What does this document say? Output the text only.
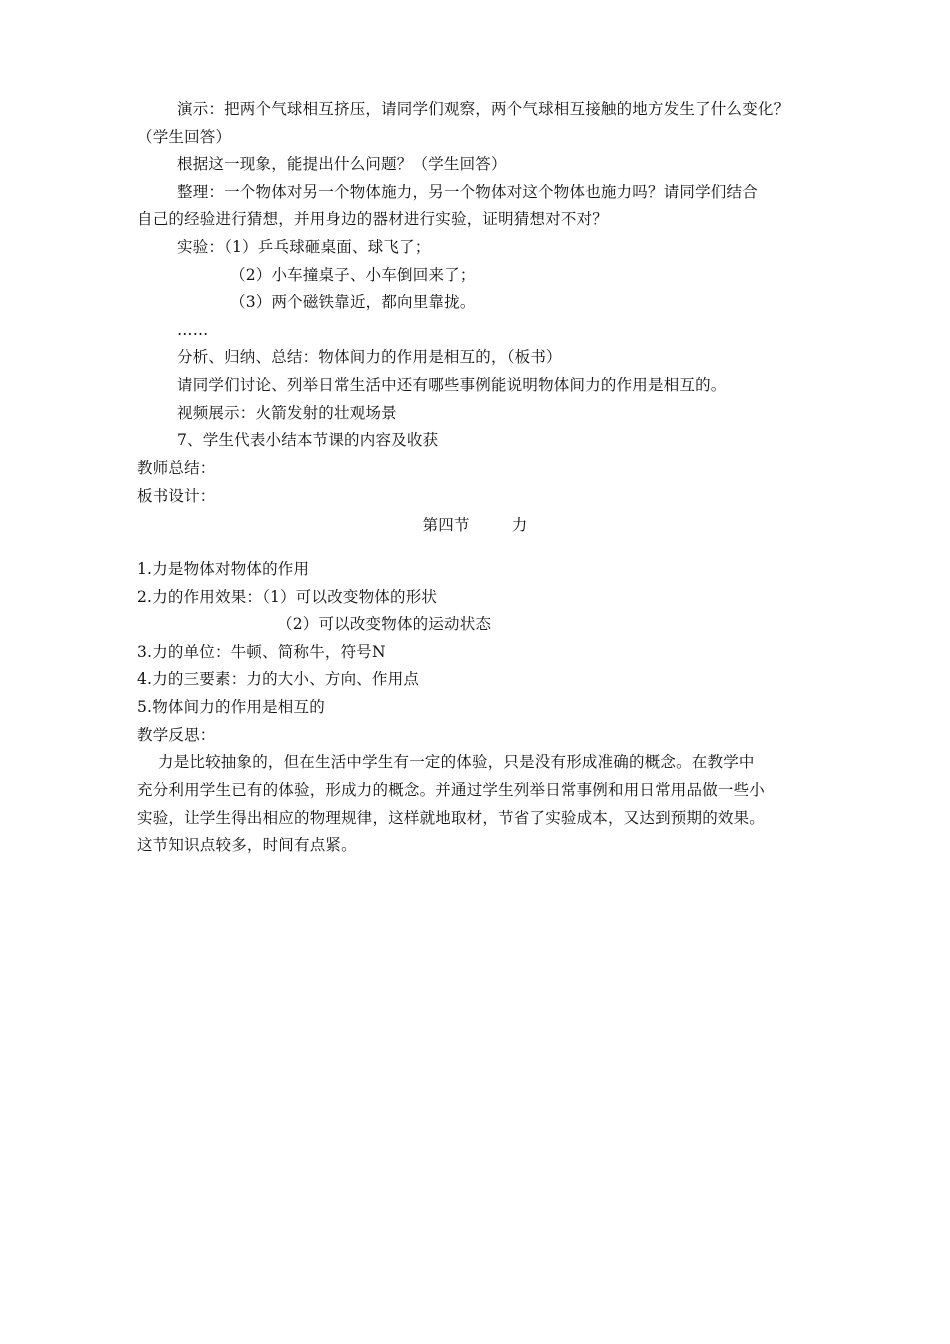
演示：把两个气球相互挤压，请同学们观察，两个气球相互接触的地方发生了什么变化？
（学生回答）
根据这一现象，能提出什么问题？（学生回答）
整理：一个物体对另一个物体施力，另一个物体对这个物体也施力吗？请同学们结合
自己的经验进行猜想，并用身边的器材进行实验，证明猜想对不对？
实验：（1）乒乓球砸桌面、球飞了；
（2）小车撞桌子、小车倒回来了；
（3）两个磁铁靠近，都向里靠拢。
……
分析、归纳、总结：物体间力的作用是相互的，（板书）
请同学们讨论、列举日常生活中还有哪些事例能说明物体间力的作用是相互的。
视频展示：火箭发射的壮观场景
7、学生代表小结本节课的内容及收获
教师总结：
板书设计：
第四节	力
1.力是物体对物体的作用
2.力的作用效果：（1）可以改变物体的形状
（2）可以改变物体的运动状态
3.力的单位：牛顿、简称牛，符号N
4.力的三要素：力的大小、方向、作用点
5.物体间力的作用是相互的
教学反思：
力是比较抽象的，但在生活中学生有一定的体验，只是没有形成准确的概念。在教学中
充分利用学生已有的体验，形成力的概念。并通过学生列举日常事例和用日常用品做一些小
实验，让学生得出相应的物理规律，这样就地取材，节省了实验成本，又达到预期的效果。
这节知识点较多，时间有点紧。
